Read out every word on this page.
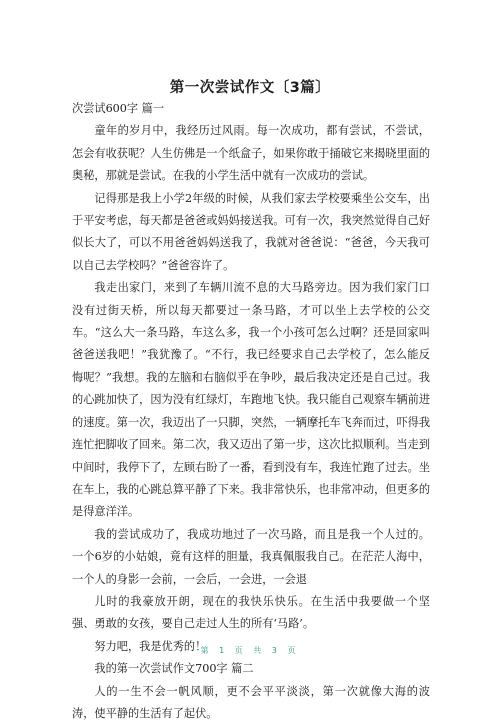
第一次尝试作文〔3篇〕

次尝试600字 篇一

童年的岁月中，我经历过风雨。每一次成功，都有尝试，不尝试，怎会有收获呢？人生仿佛是一个纸盒子，如果你敢于捅破它来揭晓里面的奥秘，那就是尝试。在我的小学生活中就有一次成功的尝试。

记得那是我上小学2年级的时候，从我们家去学校要乘坐公交车，出于平安考虑，每天都是爸爸或妈妈接送我。可有一次，我突然觉得自己好似长大了，可以不用爸爸妈妈送我了，我就对爸爸说：“爸爸，今天我可以自己去学校吗？”爸爸容许了。

我走出家门，来到了车辆川流不息的大马路旁边。因为我们家门口没有过街天桥，所以每天都要过一条马路，才可以坐上去学校的公交车。“这么大一条马路，车这么多，我一个小孩可怎么过啊？还是回家叫爸爸送我吧！”我犹豫了。“不行，我已经要求自己去学校了，怎么能反悔呢？”我想。我的左脑和右脑似乎在争吵，最后我决定还是自己过。我的心跳加快了，因为没有红绿灯，车跑地飞快。我只能自己观察车辆前进的速度。第一次，我迈出了一只脚，突然，一辆摩托车飞奔而过，吓得我连忙把脚收了回来。第二次，我又迈出了第一步，这次比拟顺利。当走到中间时，我停下了，左顾右盼了一番，看到没有车，我连忙跑了过去。坐在车上，我的心跳总算平静了下来。我非常快乐，也非常冲动，但更多的是得意洋洋。

我的尝试成功了，我成功地过了一次马路，而且是我一个人过的。一个6岁的小姑娘，竟有这样的胆量，我真佩服我自己。在茫茫人海中，一个人的身影一会前，一会后，一会进，一会退

儿时的我豪放开朗，现在的我快乐快乐。在生活中我要做一个坚强、勇敢的女孩，要自己走过人生的所有‘马路’。

努力吧，我是优秀的！

我的第一次尝试作文700字 篇二

人的一生不会一帆风顺，更不会平平淡淡，第一次就像大海的波涛，使平静的生活有了起伏。

第 1 页 共 3 页
